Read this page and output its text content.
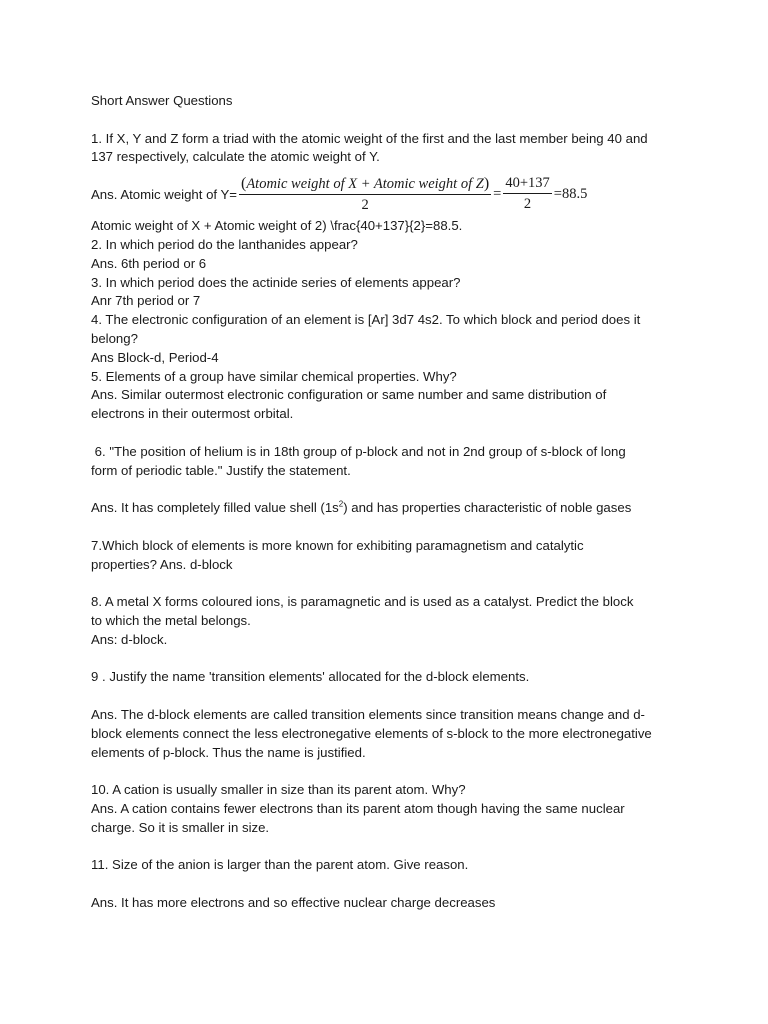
Short Answer Questions
1. If X, Y and Z form a triad with the atomic weight of the first and the last member being 40 and
137 respectively, calculate the atomic weight of Y.
Ans. Atomic weight of $Y= \frac{\text{(Atomic weight of X + Atomic weight of Z)}}{2} = \frac{40+137}{2} =88.5$
Atomic weight of X + Atomic weight of 2) \frac{40+137}{2}=88.5.
2. In which period do the lanthanides appear?
Ans. 6th period or 6
3. In which period does the actinide series of elements appear?
Anr 7th period or 7
4. The electronic configuration of an element is [Ar] 3d7 4s2. To which block and period does it
belong?
Ans Block-d, Period-4
5. Elements of a group have similar chemical properties. Why?
Ans. Similar outermost electronic configuration or same number and same distribution of
electrons in their outermost orbital.
6. "The position of helium is in 18th group of p-block and not in 2nd group of s-block of long
form of periodic table." Justify the statement.
Ans. It has completely filled value shell $(1s^2)$ and has properties characteristic of noble gases
7.Which block of elements is more known for exhibiting paramagnetism and catalytic
properties? Ans. d-block
8. A metal X forms coloured ions, is paramagnetic and is used as a catalyst. Predict the block
to which the metal belongs.
Ans: d-block.
9 . Justify the name 'transition elements' allocated for the d-block elements.
Ans. The d-block elements are called transition elements since transition means change and d-
block elements connect the less electronegative elements of s-block to the more electronegative
elements of p-block. Thus the name is justified.
10. A cation is usually smaller in size than its parent atom. Why?
Ans. A cation contains fewer electrons than its parent atom though having the same nuclear
charge. So it is smaller in size.
11. Size of the anion is larger than the parent atom. Give reason.
Ans. It has more electrons and so effective nuclear charge decreases
